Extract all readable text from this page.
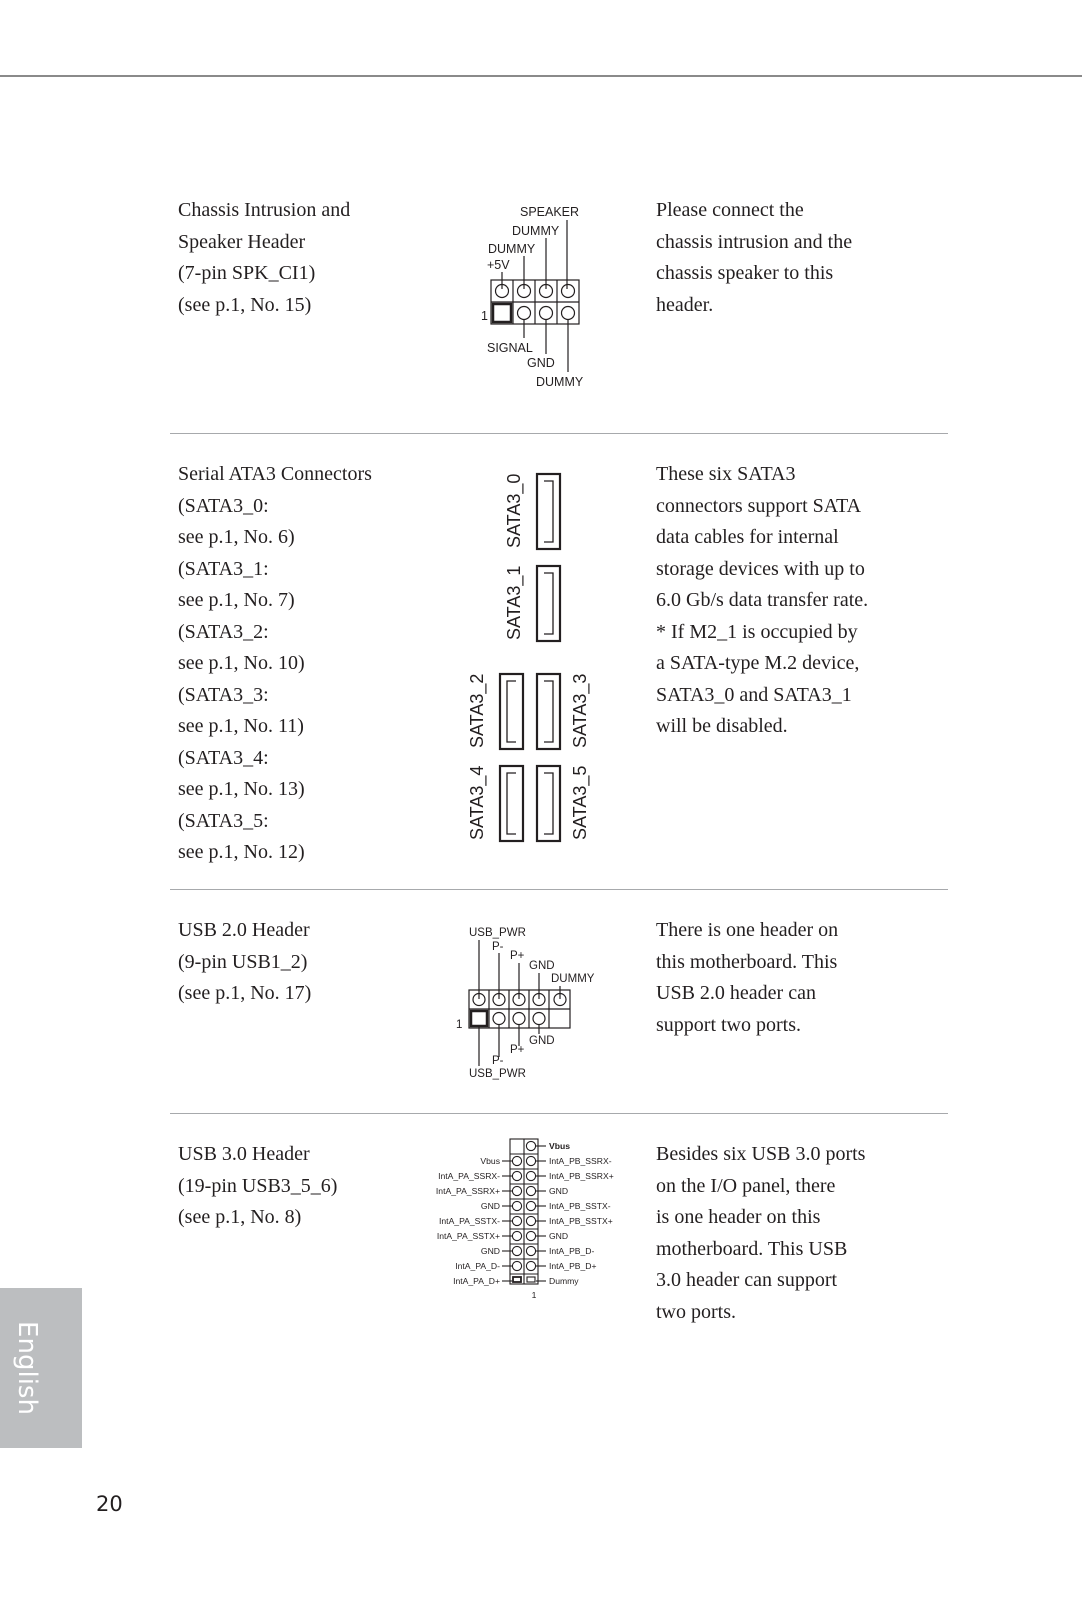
Chassis Intrusion and
Speaker Header
(7-pin SPK_CI1)
(see p.1, No. 15)
SPEAKER
DUMMY
DUMMY
+5V
1
SIGNAL
GND
DUMMY
Please connect the
chassis intrusion and the
chassis speaker to this
header.
Serial ATA3 Connectors
(SATA3_0:
see p.1, No. 6)
(SATA3_1:
see p.1, No. 7)
(SATA3_2:
see p.1, No. 10)
(SATA3_3:
see p.1, No. 11)
(SATA3_4:
see p.1, No. 13)
(SATA3_5:
see p.1, No. 12)
SATA3_0
SATA3_1
SATA3_2	SATA3_3
SATA3_4	SATA3_5
These six SATA3
connectors support SATA
data cables for internal
storage devices with up to
6.0 Gb/s data transfer rate.
* If M2_1 is occupied by
a SATA-type M.2 device,
SATA3_0 and SATA3_1
will be disabled.
USB 2.0 Header
(9-pin USB1_2)
(see p.1, No. 17)
USB_PWR
P-
P+
GND
DUMMY
1
GND
P+
P-
USB_PWR
There is one header on
this motherboard. This
USB 2.0 header can
support two ports.
USB 3.0 Header
(19-pin USB3_5_6)
(see p.1, No. 8)
Vbus
IntA_PB_SSRX-
IntA_PB_SSRX+
GND
IntA_PB_SSTX-
IntA_PB_SSTX+
GND
IntA_PB_D-
IntA_PB_D+
Dummy
Vbus
IntA_PA_SSRX-
IntA_PA_SSRX+
GND
IntA_PA_SSTX-
IntA_PA_SSTX+
GND
IntA_PA_D-
IntA_PA_D+
1
Besides six USB 3.0 ports
on the I/O panel, there
is one header on this
motherboard. This USB
3.0 header can support
two ports.
English
20
